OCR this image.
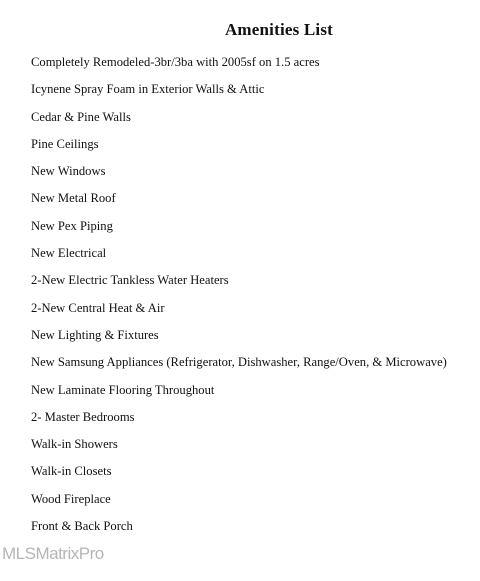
Amenities List
Completely Remodeled-3br/3ba with 2005sf on 1.5 acres
Icynene Spray Foam in Exterior Walls & Attic
Cedar & Pine Walls
Pine Ceilings
New Windows
New Metal Roof
New Pex Piping
New Electrical
2-New Electric Tankless Water Heaters
2-New Central Heat & Air
New Lighting & Fixtures
New Samsung Appliances (Refrigerator, Dishwasher, Range/Oven, & Microwave)
New Laminate Flooring Throughout
2- Master Bedrooms
Walk-in Showers
Walk-in Closets
Wood Fireplace
Front & Back Porch
MLSMatrixPro
